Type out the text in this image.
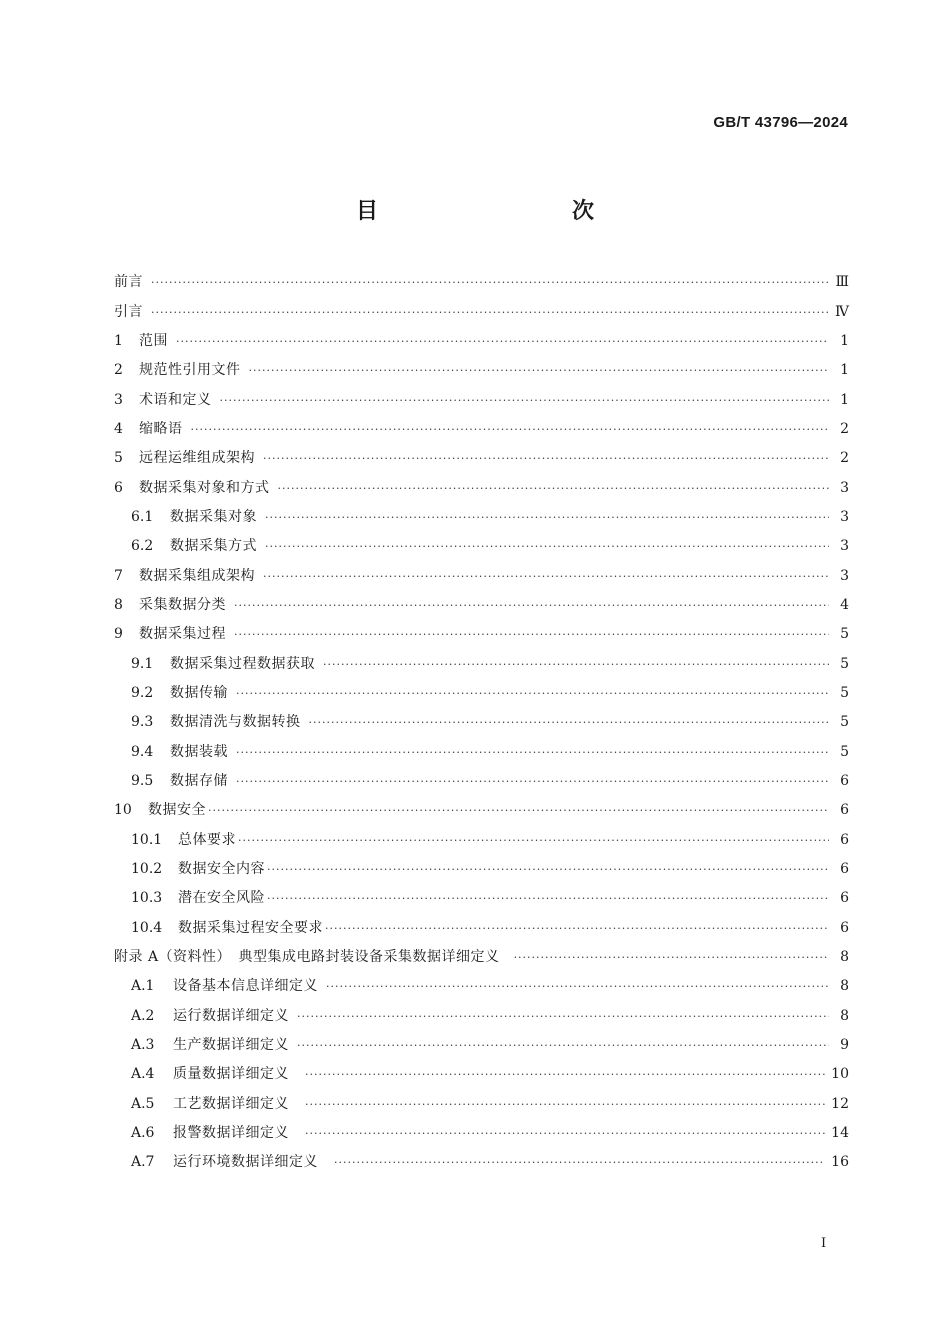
GB/T 43796—2024
目　　次
前言 ·····	Ⅲ
引言 ·····	Ⅳ
1	范围 ·····	1
2	规范性引用文件 ·····	1
3	术语和定义 ·····	1
4	缩略语 ·····	2
5	远程运维组成架构 ·····	2
6	数据采集对象和方式 ·····	3
6.1	数据采集对象 ·····	3
6.2	数据采集方式 ·····	3
7	数据采集组成架构 ·····	3
8	采集数据分类 ·····	4
9	数据采集过程 ·····	5
9.1	数据采集过程数据获取 ·····	5
9.2	数据传输 ·····	5
9.3	数据清洗与数据转换 ·····	5
9.4	数据装载 ·····	5
9.5	数据存储 ·····	6
10	数据安全 ·····	6
10.1	总体要求 ·····	6
10.2	数据安全内容 ·····	6
10.3	潜在安全风险 ·····	6
10.4	数据采集过程安全要求 ·····	6
附录 A（资料性）　典型集成电路封装设备采集数据详细定义 ·····	8
A.1	设备基本信息详细定义 ·····	8
A.2	运行数据详细定义 ·····	8
A.3	生产数据详细定义 ·····	9
A.4	质量数据详细定义 ·····	10
A.5	工艺数据详细定义 ·····	12
A.6	报警数据详细定义 ·····	14
A.7	运行环境数据详细定义 ·····	16
Ⅰ
